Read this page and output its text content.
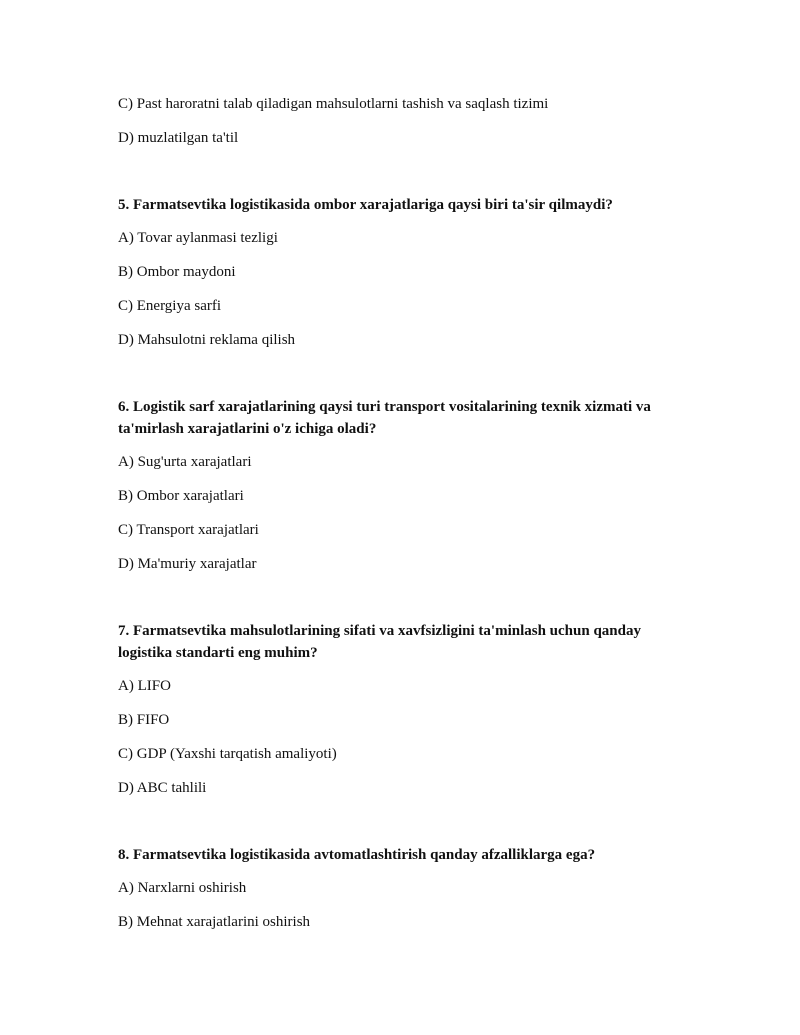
C) Past haroratni talab qiladigan mahsulotlarni tashish va saqlash tizimi
D) muzlatilgan ta'til
5. Farmatsevtika logistikasida ombor xarajatlariga qaysi biri ta'sir qilmaydi?
A) Tovar aylanmasi tezligi
B) Ombor maydoni
C) Energiya sarfi
D) Mahsulotni reklama qilish
6. Logistik sarf xarajatlarining qaysi turi transport vositalarining texnik xizmati va ta'mirlash xarajatlarini o'z ichiga oladi?
A) Sug'urta xarajatlari
B) Ombor xarajatlari
C) Transport xarajatlari
D) Ma'muriy xarajatlar
7. Farmatsevtika mahsulotlarining sifati va xavfsizligini ta'minlash uchun qanday logistika standarti eng muhim?
A) LIFO
B) FIFO
C) GDP (Yaxshi tarqatish amaliyoti)
D) ABC tahlili
8. Farmatsevtika logistikasida avtomatlashtirish qanday afzalliklarga ega?
A) Narxlarni oshirish
B) Mehnat xarajatlarini oshirish
